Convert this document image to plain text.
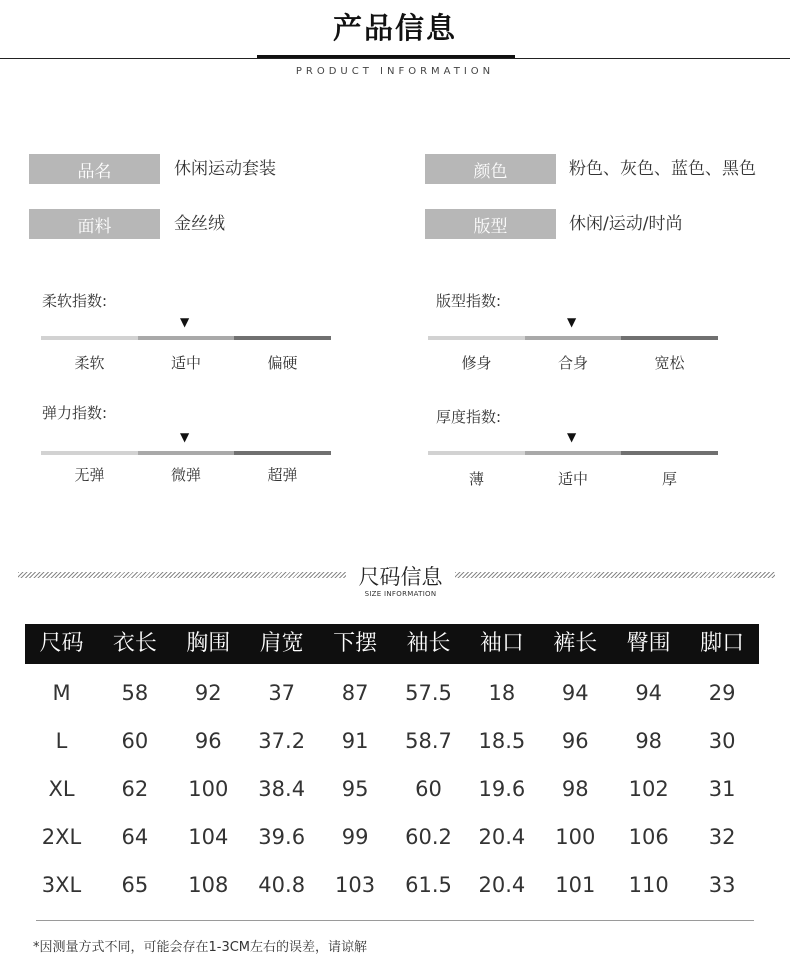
产品信息
PRODUCT INFORMATION
品名	休闲运动套装	颜色	粉色、灰色、蓝色、黑色
面料	金丝绒	版型	休闲/运动/时尚
柔软指数:
▼
柔软	适中	偏硬
版型指数:
▼
修身	合身	宽松
弹力指数:
▼
无弹	微弹	超弹
厚度指数:
▼
薄	适中	厚
尺码信息
SIZE INFORMATION
尺码	衣长	胸围	肩宽	下摆	袖长	袖口	裤长	臀围	脚口
M	58	92	37	87	57.5	18	94	94	29
L	60	96	37.2	91	58.7	18.5	96	98	30
XL	62	100	38.4	95	60	19.6	98	102	31
2XL	64	104	39.6	99	60.2	20.4	100	106	32
3XL	65	108	40.8	103	61.5	20.4	101	110	33
*因测量方式不同，可能会存在1-3CM左右的误差，请谅解
